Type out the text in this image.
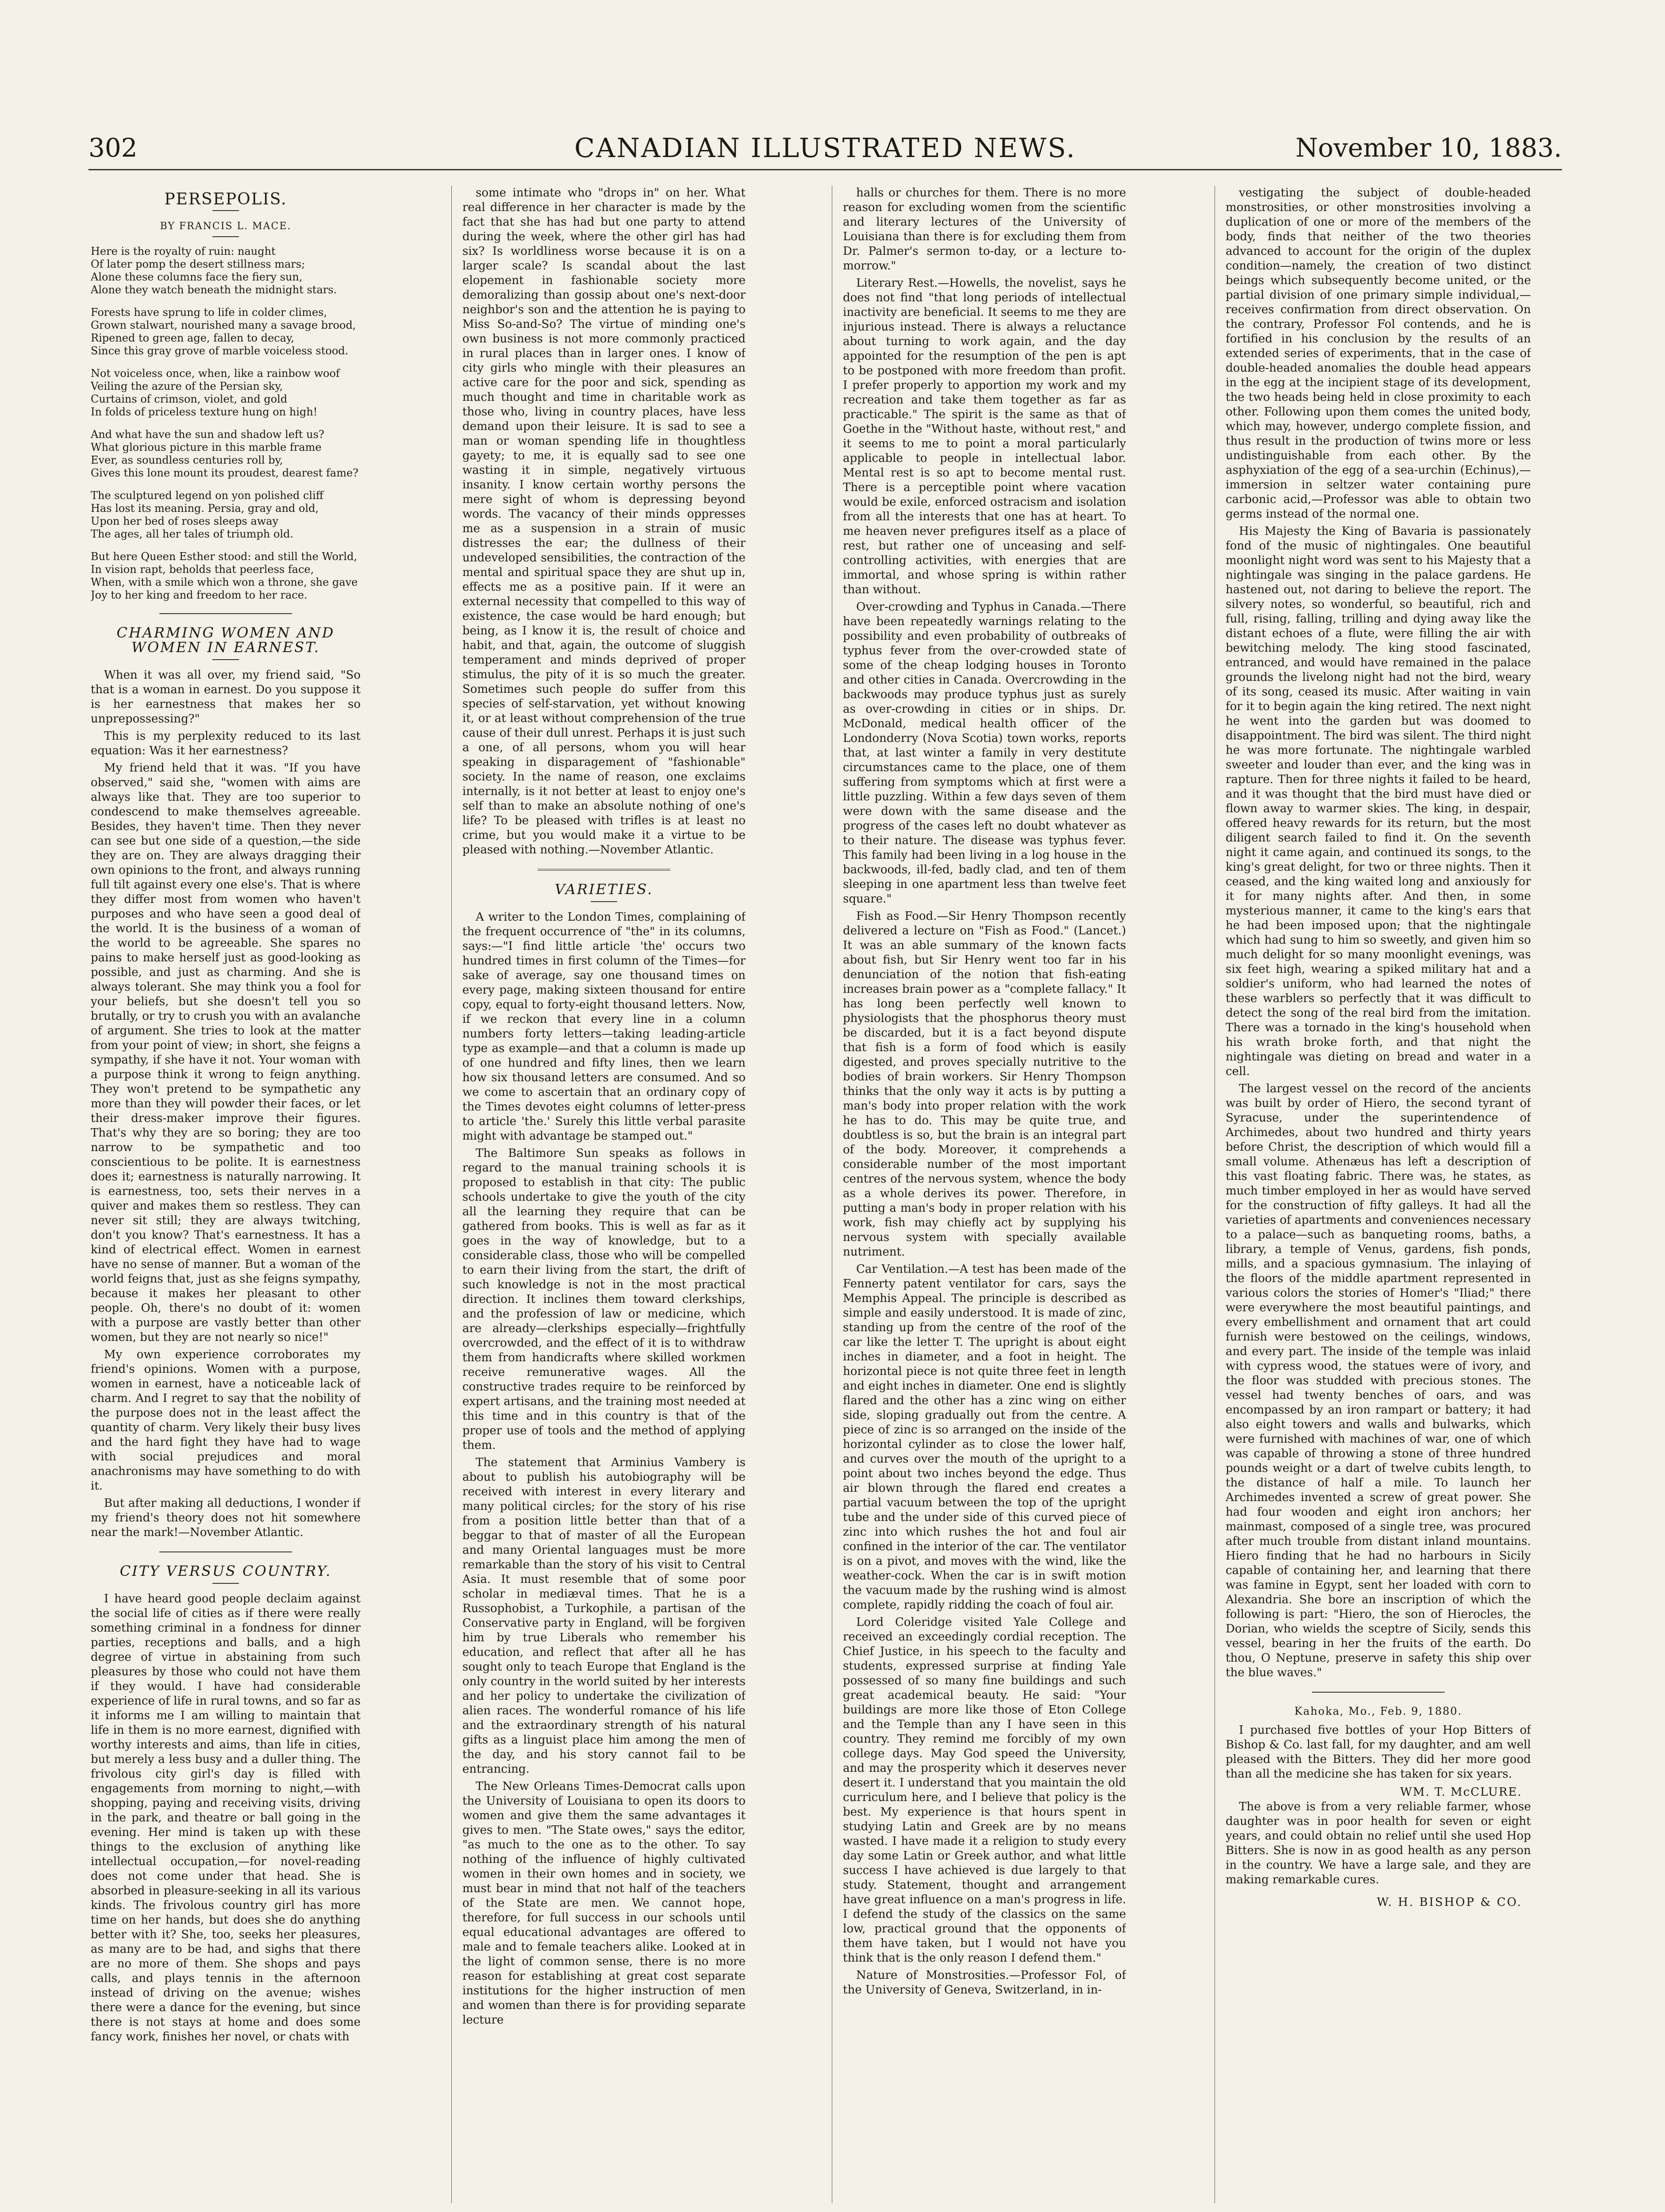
302	CANADIAN ILLUSTRATED NEWS.	November 10, 1883.
PERSEPOLIS.
BY FRANCIS L. MACE.
Here is the royalty of ruin: naught
Of later pomp the desert stillness mars;
Alone these columns face the fiery sun,
Alone they watch beneath the midnight stars.
Forests have sprung to life in colder climes,
Grown stalwart, nourished many a savage brood,
Ripened to green age, fallen to decay,
Since this gray grove of marble voiceless stood.
Not voiceless once, when, like a rainbow woof
Veiling the azure of the Persian sky,
Curtains of crimson, violet, and gold
In folds of priceless texture hung on high!
And what have the sun and shadow left us?
What glorious picture in this marble frame
Ever, as soundless centuries roll by,
Gives this lone mount its proudest, dearest fame?
The sculptured legend on yon polished cliff
Has lost its meaning. Persia, gray and old,
Upon her bed of roses sleeps away
The ages, all her tales of triumph old.
But here Queen Esther stood: and still the World,
In vision rapt, beholds that peerless face,
When, with a smile which won a throne, she gave
Joy to her king and freedom to her race.
CHARMING WOMEN AND WOMEN IN EARNEST.

When it was all over, my friend said, "So that is a woman in earnest. Do you suppose it is her earnestness that makes her so unprepossessing?"

This is my perplexity reduced to its last equation: Was it her earnestness?

My friend held that it was. "If you have observed," said she, "women with aims are always like that. They are too superior to condescend to make themselves agreeable. Besides, they haven't time. Then they never can see but one side of a question,—the side they are on. They are always dragging their own opinions to the front, and always running full tilt against every one else's. That is where they differ most from women who haven't purposes and who have seen a good deal of the world. It is the business of a woman of the world to be agreeable. She spares no pains to make herself just as good-looking as possible, and just as charming. And she is always tolerant. She may think you a fool for your beliefs, but she doesn't tell you so brutally, or try to crush you with an avalanche of argument. She tries to look at the matter from your point of view; in short, she feigns a sympathy, if she have it not. Your woman with a purpose think it wrong to feign anything. They won't pretend to be sympathetic any more than they will powder their faces, or let their dress-maker improve their figures. That's why they are so boring; they are too narrow to be sympathetic and too conscientious to be polite. It is earnestness does it; earnestness is naturally narrowing. It is earnestness, too, sets their nerves in a quiver and makes them so restless. They can never sit still; they are always twitching, don't you know? That's earnestness. It has a kind of electrical effect. Women in earnest have no sense of manner. But a woman of the world feigns that, just as she feigns sympathy, because it makes her pleasant to other people. Oh, there's no doubt of it: women with a purpose are vastly better than other women, but they are not nearly so nice!"

My own experience corroborates my friend's opinions. Women with a purpose, women in earnest, have a noticeable lack of charm. And I regret to say that the nobility of the purpose does not in the least affect the quantity of charm. Very likely their busy lives and the hard fight they have had to wage with social prejudices and moral anachronisms may have something to do with it.

But after making all deductions, I wonder if my friend's theory does not hit somewhere near the mark!—November Atlantic.

CITY VERSUS COUNTRY.

I have heard good people declaim against the social life of cities as if there were really something criminal in a fondness for dinner parties, receptions and balls, and a high degree of virtue in abstaining from such pleasures by those who could not have them if they would. I have had considerable experience of life in rural towns, and so far as it informs me I am willing to maintain that life in them is no more earnest, dignified with worthy interests and aims, than life in cities, but merely a less busy and a duller thing. The frivolous city girl's day is filled with engagements from morning to night,—with shopping, paying and receiving visits, driving in the park, and theatre or ball going in the evening. Her mind is taken up with these things to the exclusion of anything like intellectual occupation,—for novel-reading does not come under that head. She is absorbed in pleasure-seeking in all its various kinds. The frivolous country girl has more time on her hands, but does she do anything better with it? She, too, seeks her pleasures, as many are to be had, and sighs that there are no more of them. She shops and pays calls, and plays tennis in the afternoon instead of driving on the avenue; wishes there were a dance for the evening, but since there is not stays at home and does some fancy work, finishes her novel, or chats with

some intimate who "drops in" on her. What real difference in her character is made by the fact that she has had but one party to attend during the week, where the other girl has had six? Is worldliness worse because it is on a larger scale? Is scandal about the last elopement in fashionable society more demoralizing than gossip about one's next-door neighbor's son and the attention he is paying to Miss So-and-So? The virtue of minding one's own business is not more commonly practiced in rural places than in larger ones. I know of city girls who mingle with their pleasures an active care for the poor and sick, spending as much thought and time in charitable work as those who, living in country places, have less demand upon their leisure. It is sad to see a man or woman spending life in thoughtless gayety; to me, it is equally sad to see one wasting it in simple, negatively virtuous insanity. I know certain worthy persons the mere sight of whom is depressing beyond words. The vacancy of their minds oppresses me as a suspension in a strain of music distresses the ear; the dullness of their undeveloped sensibilities, the contraction of the mental and spiritual space they are shut up in, effects me as a positive pain. If it were an external necessity that compelled to this way of existence, the case would be hard enough; but being, as I know it is, the result of choice and habit, and that, again, the outcome of sluggish temperament and minds deprived of proper stimulus, the pity of it is so much the greater. Sometimes such people do suffer from this species of self-starvation, yet without knowing it, or at least without comprehension of the true cause of their dull unrest. Perhaps it is just such a one, of all persons, whom you will hear speaking in disparagement of "fashionable" society. In the name of reason, one exclaims internally, is it not better at least to enjoy one's self than to make an absolute nothing of one's life? To be pleased with trifles is at least no crime, but you would make it a virtue to be pleased with nothing.—November Atlantic.

VARIETIES.

A writer to the London Times, complaining of the frequent occurrence of "the" in its columns, says:—"I find little article 'the' occurs two hundred times in first column of the Times—for sake of average, say one thousand times on every page, making sixteen thousand for entire copy, equal to forty-eight thousand letters. Now, if we reckon that every line in a column numbers forty letters—taking leading-article type as example—and that a column is made up of one hundred and fifty lines, then we learn how six thousand letters are consumed. And so we come to ascertain that an ordinary copy of the Times devotes eight columns of letter-press to article 'the.' Surely this little verbal parasite might with advantage be stamped out."

The Baltimore Sun speaks as follows in regard to the manual training schools it is proposed to establish in that city: The public schools undertake to give the youth of the city all the learning they require that can be gathered from books. This is well as far as it goes in the way of knowledge, but to a considerable class, those who will be compelled to earn their living from the start, the drift of such knowledge is not in the most practical direction. It inclines them toward clerkships, and the profession of law or medicine, which are already—clerkships especially—frightfully overcrowded, and the effect of it is to withdraw them from handicrafts where skilled workmen receive remunerative wages. All the constructive trades require to be reinforced by expert artisans, and the training most needed at this time and in this country is that of the proper use of tools and the method of applying them.

The statement that Arminius Vambery is about to publish his autobiography will be received with interest in every literary and many political circles; for the story of his rise from a position little better than that of a beggar to that of master of all the European and many Oriental languages must be more remarkable than the story of his visit to Central Asia. It must resemble that of some poor scholar in mediæval times. That he is a Russophobist, a Turkophile, a partisan of the Conservative party in England, will be forgiven him by true Liberals who remember his education, and reflect that after all he has sought only to teach Europe that England is the only country in the world suited by her interests and her policy to undertake the civilization of alien races. The wonderful romance of his life and the extraordinary strength of his natural gifts as a linguist place him among the men of the day, and his story cannot fail to be entrancing.

The New Orleans Times-Democrat calls upon the University of Louisiana to open its doors to women and give them the same advantages it gives to men. "The State owes," says the editor, "as much to the one as to the other. To say nothing of the influence of highly cultivated women in their own homes and in society, we must bear in mind that not half of the teachers of the State are men. We cannot hope, therefore, for full success in our schools until equal educational advantages are offered to male and to female teachers alike. Looked at in the light of common sense, there is no more reason for establishing at great cost separate institutions for the higher instruction of men and women than there is for providing separate lecture

halls or churches for them. There is no more reason for excluding women from the scientific and literary lectures of the University of Louisiana than there is for excluding them from Dr. Palmer's sermon to-day, or a lecture to-morrow."

Literary Rest.—Howells, the novelist, says he does not find "that long periods of intellectual inactivity are beneficial. It seems to me they are injurious instead. There is always a reluctance about turning to work again, and the day appointed for the resumption of the pen is apt to be postponed with more freedom than profit. I prefer properly to apportion my work and my recreation and take them together as far as practicable." The spirit is the same as that of Goethe in the "Without haste, without rest," and it seems to me to point a moral particularly applicable to people in intellectual labor. Mental rest is so apt to become mental rust. There is a perceptible point where vacation would be exile, enforced ostracism and isolation from all the interests that one has at heart. To me heaven never prefigures itself as a place of rest, but rather one of unceasing and self-controlling activities, with energies that are immortal, and whose spring is within rather than without.

Over-crowding and Typhus in Canada.—There have been repeatedly warnings relating to the possibility and even probability of outbreaks of typhus fever from the over-crowded state of some of the cheap lodging houses in Toronto and other cities in Canada. Overcrowding in the backwoods may produce typhus just as surely as over-crowding in cities or in ships. Dr. McDonald, medical health officer of the Londonderry (Nova Scotia) town works, reports that, at last winter a family in very destitute circumstances came to the place, one of them suffering from symptoms which at first were a little puzzling. Within a few days seven of them were down with the same disease and the progress of the cases left no doubt whatever as to their nature. The disease was typhus fever. This family had been living in a log house in the backwoods, ill-fed, badly clad, and ten of them sleeping in one apartment less than twelve feet square."

Fish as Food.—Sir Henry Thompson recently delivered a lecture on "Fish as Food." (Lancet.) It was an able summary of the known facts about fish, but Sir Henry went too far in his denunciation of the notion that fish-eating increases brain power as a "complete fallacy." It has long been perfectly well known to physiologists that the phosphorus theory must be discarded, but it is a fact beyond dispute that fish is a form of food which is easily digested, and proves specially nutritive to the bodies of brain workers. Sir Henry Thompson thinks that the only way it acts is by putting a man's body into proper relation with the work he has to do. This may be quite true, and doubtless is so, but the brain is an integral part of the body. Moreover, it comprehends a considerable number of the most important centres of the nervous system, whence the body as a whole derives its power. Therefore, in putting a man's body in proper relation with his work, fish may chiefly act by supplying his nervous system with specially available nutriment.

Car Ventilation.—A test has been made of the Fennerty patent ventilator for cars, says the Memphis Appeal. The principle is described as simple and easily understood. It is made of zinc, standing up from the centre of the roof of the car like the letter T. The upright is about eight inches in diameter, and a foot in height. The horizontal piece is not quite three feet in length and eight inches in diameter. One end is slightly flared and the other has a zinc wing on either side, sloping gradually out from the centre. A piece of zinc is so arranged on the inside of the horizontal cylinder as to close the lower half, and curves over the mouth of the upright to a point about two inches beyond the edge. Thus air blown through the flared end creates a partial vacuum between the top of the upright tube and the under side of this curved piece of zinc into which rushes the hot and foul air confined in the interior of the car. The ventilator is on a pivot, and moves with the wind, like the weather-cock. When the car is in swift motion the vacuum made by the rushing wind is almost complete, rapidly ridding the coach of foul air.

Lord Coleridge visited Yale College and received an exceedingly cordial reception. The Chief Justice, in his speech to the faculty and students, expressed surprise at finding Yale possessed of so many fine buildings and such great academical beauty. He said: "Your buildings are more like those of Eton College and the Temple than any I have seen in this country. They remind me forcibly of my own college days. May God speed the University, and may the prosperity which it deserves never desert it. I understand that you maintain the old curriculum here, and I believe that policy is the best. My experience is that hours spent in studying Latin and Greek are by no means wasted. I have made it a religion to study every day some Latin or Greek author, and what little success I have achieved is due largely to that study. Statement, thought and arrangement have great influence on a man's progress in life. I defend the study of the classics on the same low, practical ground that the opponents of them have taken, but I would not have you think that is the only reason I defend them."

Nature of Monstrosities.—Professor Fol, of the University of Geneva, Switzerland, in in-

vestigating the subject of double-headed monstrosities, or other monstrosities involving a duplication of one or more of the members of the body, finds that neither of the two theories advanced to account for the origin of the duplex condition—namely, the creation of two distinct beings which subsequently become united, or the partial division of one primary simple individual,—receives confirmation from direct observation. On the contrary, Professor Fol contends, and he is fortified in his conclusion by the results of an extended series of experiments, that in the case of double-headed anomalies the double head appears in the egg at the incipient stage of its development, the two heads being held in close proximity to each other. Following upon them comes the united body, which may, however, undergo complete fission, and thus result in the production of twins more or less undistinguishable from each other. By the asphyxiation of the egg of a sea-urchin (Echinus),—immersion in seltzer water containing pure carbonic acid,—Professor was able to obtain two germs instead of the normal one.

His Majesty the King of Bavaria is passionately fond of the music of nightingales. One beautiful moonlight night word was sent to his Majesty that a nightingale was singing in the palace gardens. He hastened out, not daring to believe the report. The silvery notes, so wonderful, so beautiful, rich and full, rising, falling, trilling and dying away like the distant echoes of a flute, were filling the air with bewitching melody. The king stood fascinated, entranced, and would have remained in the palace grounds the livelong night had not the bird, weary of its song, ceased its music. After waiting in vain for it to begin again the king retired. The next night he went into the garden but was doomed to disappointment. The bird was silent. The third night he was more fortunate. The nightingale warbled sweeter and louder than ever, and the king was in rapture. Then for three nights it failed to be heard, and it was thought that the bird must have died or flown away to warmer skies. The king, in despair, offered heavy rewards for its return, but the most diligent search failed to find it. On the seventh night it came again, and continued its songs, to the king's great delight, for two or three nights. Then it ceased, and the king waited long and anxiously for it for many nights after. And then, in some mysterious manner, it came to the king's ears that he had been imposed upon; that the nightingale which had sung to him so sweetly, and given him so much delight for so many moonlight evenings, was six feet high, wearing a spiked military hat and a soldier's uniform, who had learned the notes of these warblers so perfectly that it was difficult to detect the song of the real bird from the imitation. There was a tornado in the king's household when his wrath broke forth, and that night the nightingale was dieting on bread and water in a cell.

The largest vessel on the record of the ancients was built by order of Hiero, the second tyrant of Syracuse, under the superintendence of Archimedes, about two hundred and thirty years before Christ, the description of which would fill a small volume. Athenæus has left a description of this vast floating fabric. There was, he states, as much timber employed in her as would have served for the construction of fifty galleys. It had all the varieties of apartments and conveniences necessary to a palace—such as banqueting rooms, baths, a library, a temple of Venus, gardens, fish ponds, mills, and a spacious gymnasium. The inlaying of the floors of the middle apartment represented in various colors the stories of Homer's "Iliad;" there were everywhere the most beautiful paintings, and every embellishment and ornament that art could furnish were bestowed on the ceilings, windows, and every part. The inside of the temple was inlaid with cypress wood, the statues were of ivory, and the floor was studded with precious stones. The vessel had twenty benches of oars, and was encompassed by an iron rampart or battery; it had also eight towers and walls and bulwarks, which were furnished with machines of war, one of which was capable of throwing a stone of three hundred pounds weight or a dart of twelve cubits length, to the distance of half a mile. To launch her Archimedes invented a screw of great power. She had four wooden and eight iron anchors; her mainmast, composed of a single tree, was procured after much trouble from distant inland mountains. Hiero finding that he had no harbours in Sicily capable of containing her, and learning that there was famine in Egypt, sent her loaded with corn to Alexandria. She bore an inscription of which the following is part: "Hiero, the son of Hierocles, the Dorian, who wields the sceptre of Sicily, sends this vessel, bearing in her the fruits of the earth. Do thou, O Neptune, preserve in safety this ship over the blue waves."

Kahoka, Mo., Feb. 9, 1880.

I purchased five bottles of your Hop Bitters of Bishop & Co. last fall, for my daughter, and am well pleased with the Bitters. They did her more good than all the medicine she has taken for six years.

WM. T. McCLURE.

The above is from a very reliable farmer, whose daughter was in poor health for seven or eight years, and could obtain no relief until she used Hop Bitters. She is now in as good health as any person in the country. We have a large sale, and they are making remarkable cures.

W. H. BISHOP & CO.
